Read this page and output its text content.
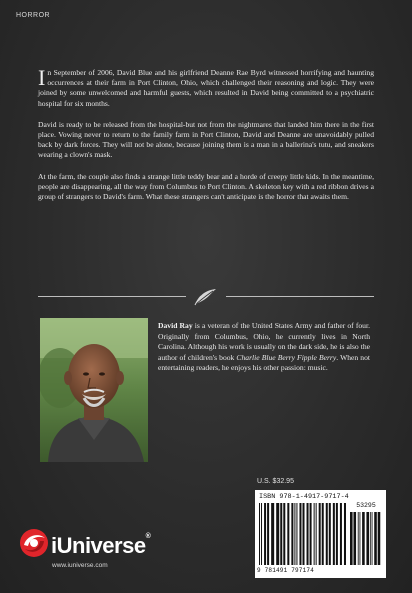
HORROR

In September of 2006, David Blue and his girlfriend Deanne Rae Byrd witnessed horrifying and haunting occurrences at their farm in Port Clinton, Ohio, which challenged their reasoning and logic. They were joined by some unwelcomed and harmful guests, which resulted in David being committed to a psychiatric hospital for six months.

David is ready to be released from the hospital-but not from the nightmares that landed him there in the first place. Vowing never to return to the family farm in Port Clinton, David and Deanne are unavoidably pulled back by dark forces. They will not be alone, because joining them is a man in a ballerina's tutu, and sneakers wearing a clown's mask.

At the farm, the couple also finds a strange little teddy bear and a horde of creepy little kids. In the meantime, people are disappearing, all the way from Columbus to Port Clinton. A skeleton key with a red ribbon drives a group of strangers to David's farm. What these strangers can't anticipate is the horror that awaits them.

David Ray is a veteran of the United States Army and father of four. Originally from Columbus, Ohio, he currently lives in North Carolina. Although his work is usually on the dark side, he is also the author of children's book Charlie Blue Berry Fipple Berry. When not entertaining readers, he enjoys his other passion: music.
U.S. $32.95
ISBN 978-1-4917-9717-4
53295
9 781491 797174
iUniverse®
www.iuniverse.com
